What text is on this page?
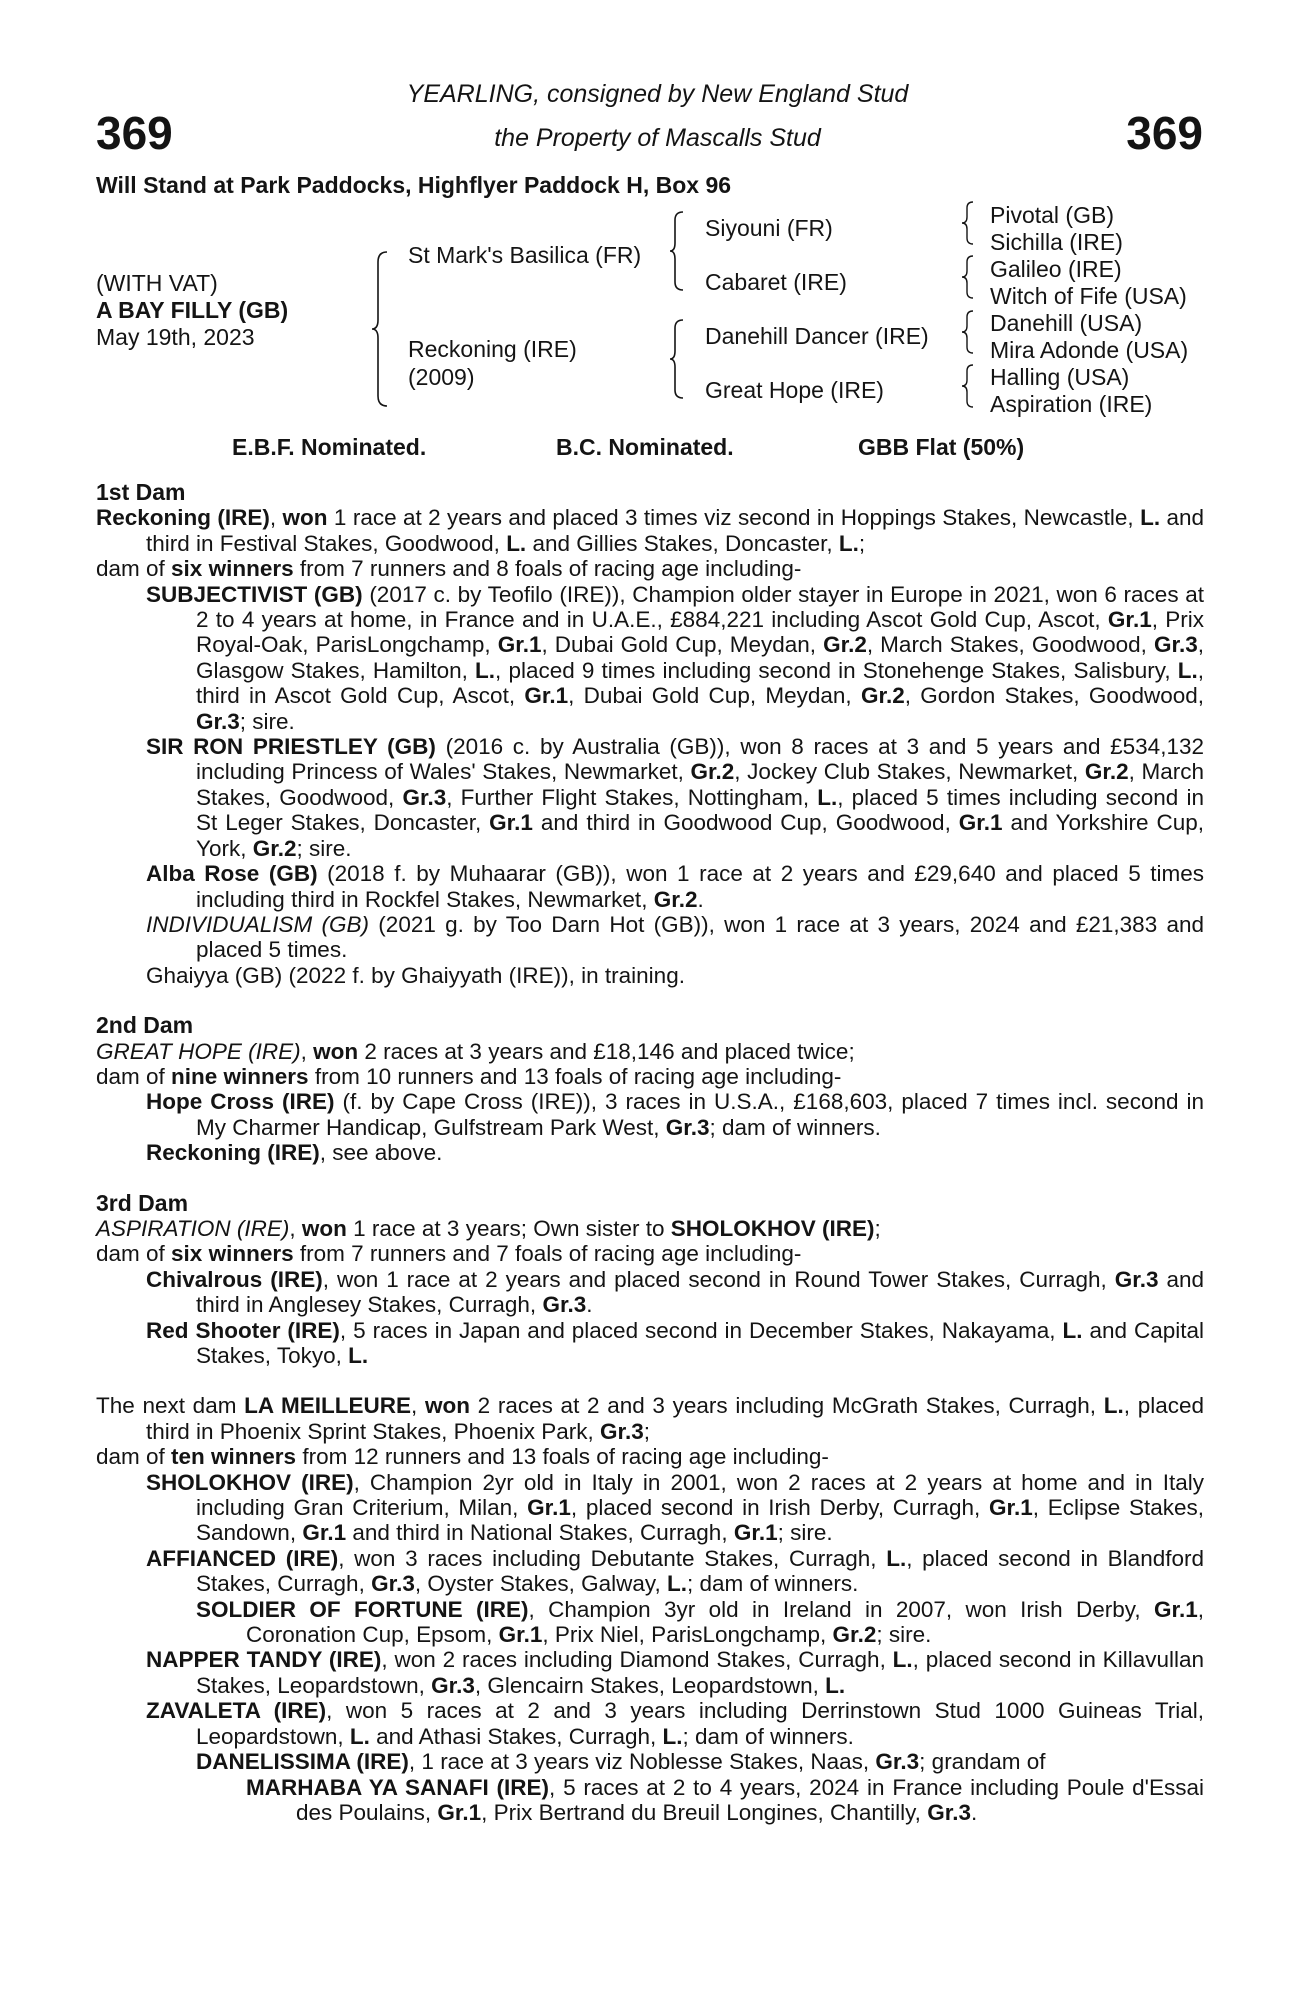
369	369
YEARLING, consigned by New England Stud
the Property of Mascalls Stud
Will Stand at Park Paddocks, Highflyer Paddock H, Box 96
(WITH VAT)
A BAY FILLY (GB)
May 19th, 2023
St Mark's Basilica (FR)
Reckoning (IRE)
(2009)
Siyouni (FR)
Cabaret (IRE)
Danehill Dancer (IRE)
Great Hope (IRE)
Pivotal (GB)
Sichilla (IRE)
Galileo (IRE)
Witch of Fife (USA)
Danehill (USA)
Mira Adonde (USA)
Halling (USA)
Aspiration (IRE)
E.B.F. Nominated.	B.C. Nominated.	GBB Flat (50%)

1st Dam

Reckoning (IRE), won 1 race at 2 years and placed 3 times viz second in Hoppings Stakes, Newcastle, L. and third in Festival Stakes, Goodwood, L. and Gillies Stakes, Doncaster, L.;

dam of six winners from 7 runners and 8 foals of racing age including-

SUBJECTIVIST (GB) (2017 c. by Teofilo (IRE)), Champion older stayer in Europe in 2021, won 6 races at 2 to 4 years at home, in France and in U.A.E., £884,221 including Ascot Gold Cup, Ascot, Gr.1, Prix Royal-Oak, ParisLongchamp, Gr.1, Dubai Gold Cup, Meydan, Gr.2, March Stakes, Goodwood, Gr.3, Glasgow Stakes, Hamilton, L., placed 9 times including second in Stonehenge Stakes, Salisbury, L., third in Ascot Gold Cup, Ascot, Gr.1, Dubai Gold Cup, Meydan, Gr.2, Gordon Stakes, Goodwood, Gr.3; sire.

SIR RON PRIESTLEY (GB) (2016 c. by Australia (GB)), won 8 races at 3 and 5 years and £534,132 including Princess of Wales' Stakes, Newmarket, Gr.2, Jockey Club Stakes, Newmarket, Gr.2, March Stakes, Goodwood, Gr.3, Further Flight Stakes, Nottingham, L., placed 5 times including second in St Leger Stakes, Doncaster, Gr.1 and third in Goodwood Cup, Goodwood, Gr.1 and Yorkshire Cup, York, Gr.2; sire.

Alba Rose (GB) (2018 f. by Muhaarar (GB)), won 1 race at 2 years and £29,640 and placed 5 times including third in Rockfel Stakes, Newmarket, Gr.2.

INDIVIDUALISM (GB) (2021 g. by Too Darn Hot (GB)), won 1 race at 3 years, 2024 and £21,383 and placed 5 times.

Ghaiyya (GB) (2022 f. by Ghaiyyath (IRE)), in training.

2nd Dam

GREAT HOPE (IRE), won 2 races at 3 years and £18,146 and placed twice;

dam of nine winners from 10 runners and 13 foals of racing age including-

Hope Cross (IRE) (f. by Cape Cross (IRE)), 3 races in U.S.A., £168,603, placed 7 times incl. second in My Charmer Handicap, Gulfstream Park West, Gr.3; dam of winners.

Reckoning (IRE), see above.

3rd Dam

ASPIRATION (IRE), won 1 race at 3 years; Own sister to SHOLOKHOV (IRE);

dam of six winners from 7 runners and 7 foals of racing age including-

Chivalrous (IRE), won 1 race at 2 years and placed second in Round Tower Stakes, Curragh, Gr.3 and third in Anglesey Stakes, Curragh, Gr.3.

Red Shooter (IRE), 5 races in Japan and placed second in December Stakes, Nakayama, L. and Capital Stakes, Tokyo, L.

The next dam LA MEILLEURE, won 2 races at 2 and 3 years including McGrath Stakes, Curragh, L., placed third in Phoenix Sprint Stakes, Phoenix Park, Gr.3;

dam of ten winners from 12 runners and 13 foals of racing age including-

SHOLOKHOV (IRE), Champion 2yr old in Italy in 2001, won 2 races at 2 years at home and in Italy including Gran Criterium, Milan, Gr.1, placed second in Irish Derby, Curragh, Gr.1, Eclipse Stakes, Sandown, Gr.1 and third in National Stakes, Curragh, Gr.1; sire.

AFFIANCED (IRE), won 3 races including Debutante Stakes, Curragh, L., placed second in Blandford Stakes, Curragh, Gr.3, Oyster Stakes, Galway, L.; dam of winners.

SOLDIER OF FORTUNE (IRE), Champion 3yr old in Ireland in 2007, won Irish Derby, Gr.1, Coronation Cup, Epsom, Gr.1, Prix Niel, ParisLongchamp, Gr.2; sire.

NAPPER TANDY (IRE), won 2 races including Diamond Stakes, Curragh, L., placed second in Killavullan Stakes, Leopardstown, Gr.3, Glencairn Stakes, Leopardstown, L.

ZAVALETA (IRE), won 5 races at 2 and 3 years including Derrinstown Stud 1000 Guineas Trial, Leopardstown, L. and Athasi Stakes, Curragh, L.; dam of winners.

DANELISSIMA (IRE), 1 race at 3 years viz Noblesse Stakes, Naas, Gr.3; grandam of

MARHABA YA SANAFI (IRE), 5 races at 2 to 4 years, 2024 in France including Poule d'Essai des Poulains, Gr.1, Prix Bertrand du Breuil Longines, Chantilly, Gr.3.
